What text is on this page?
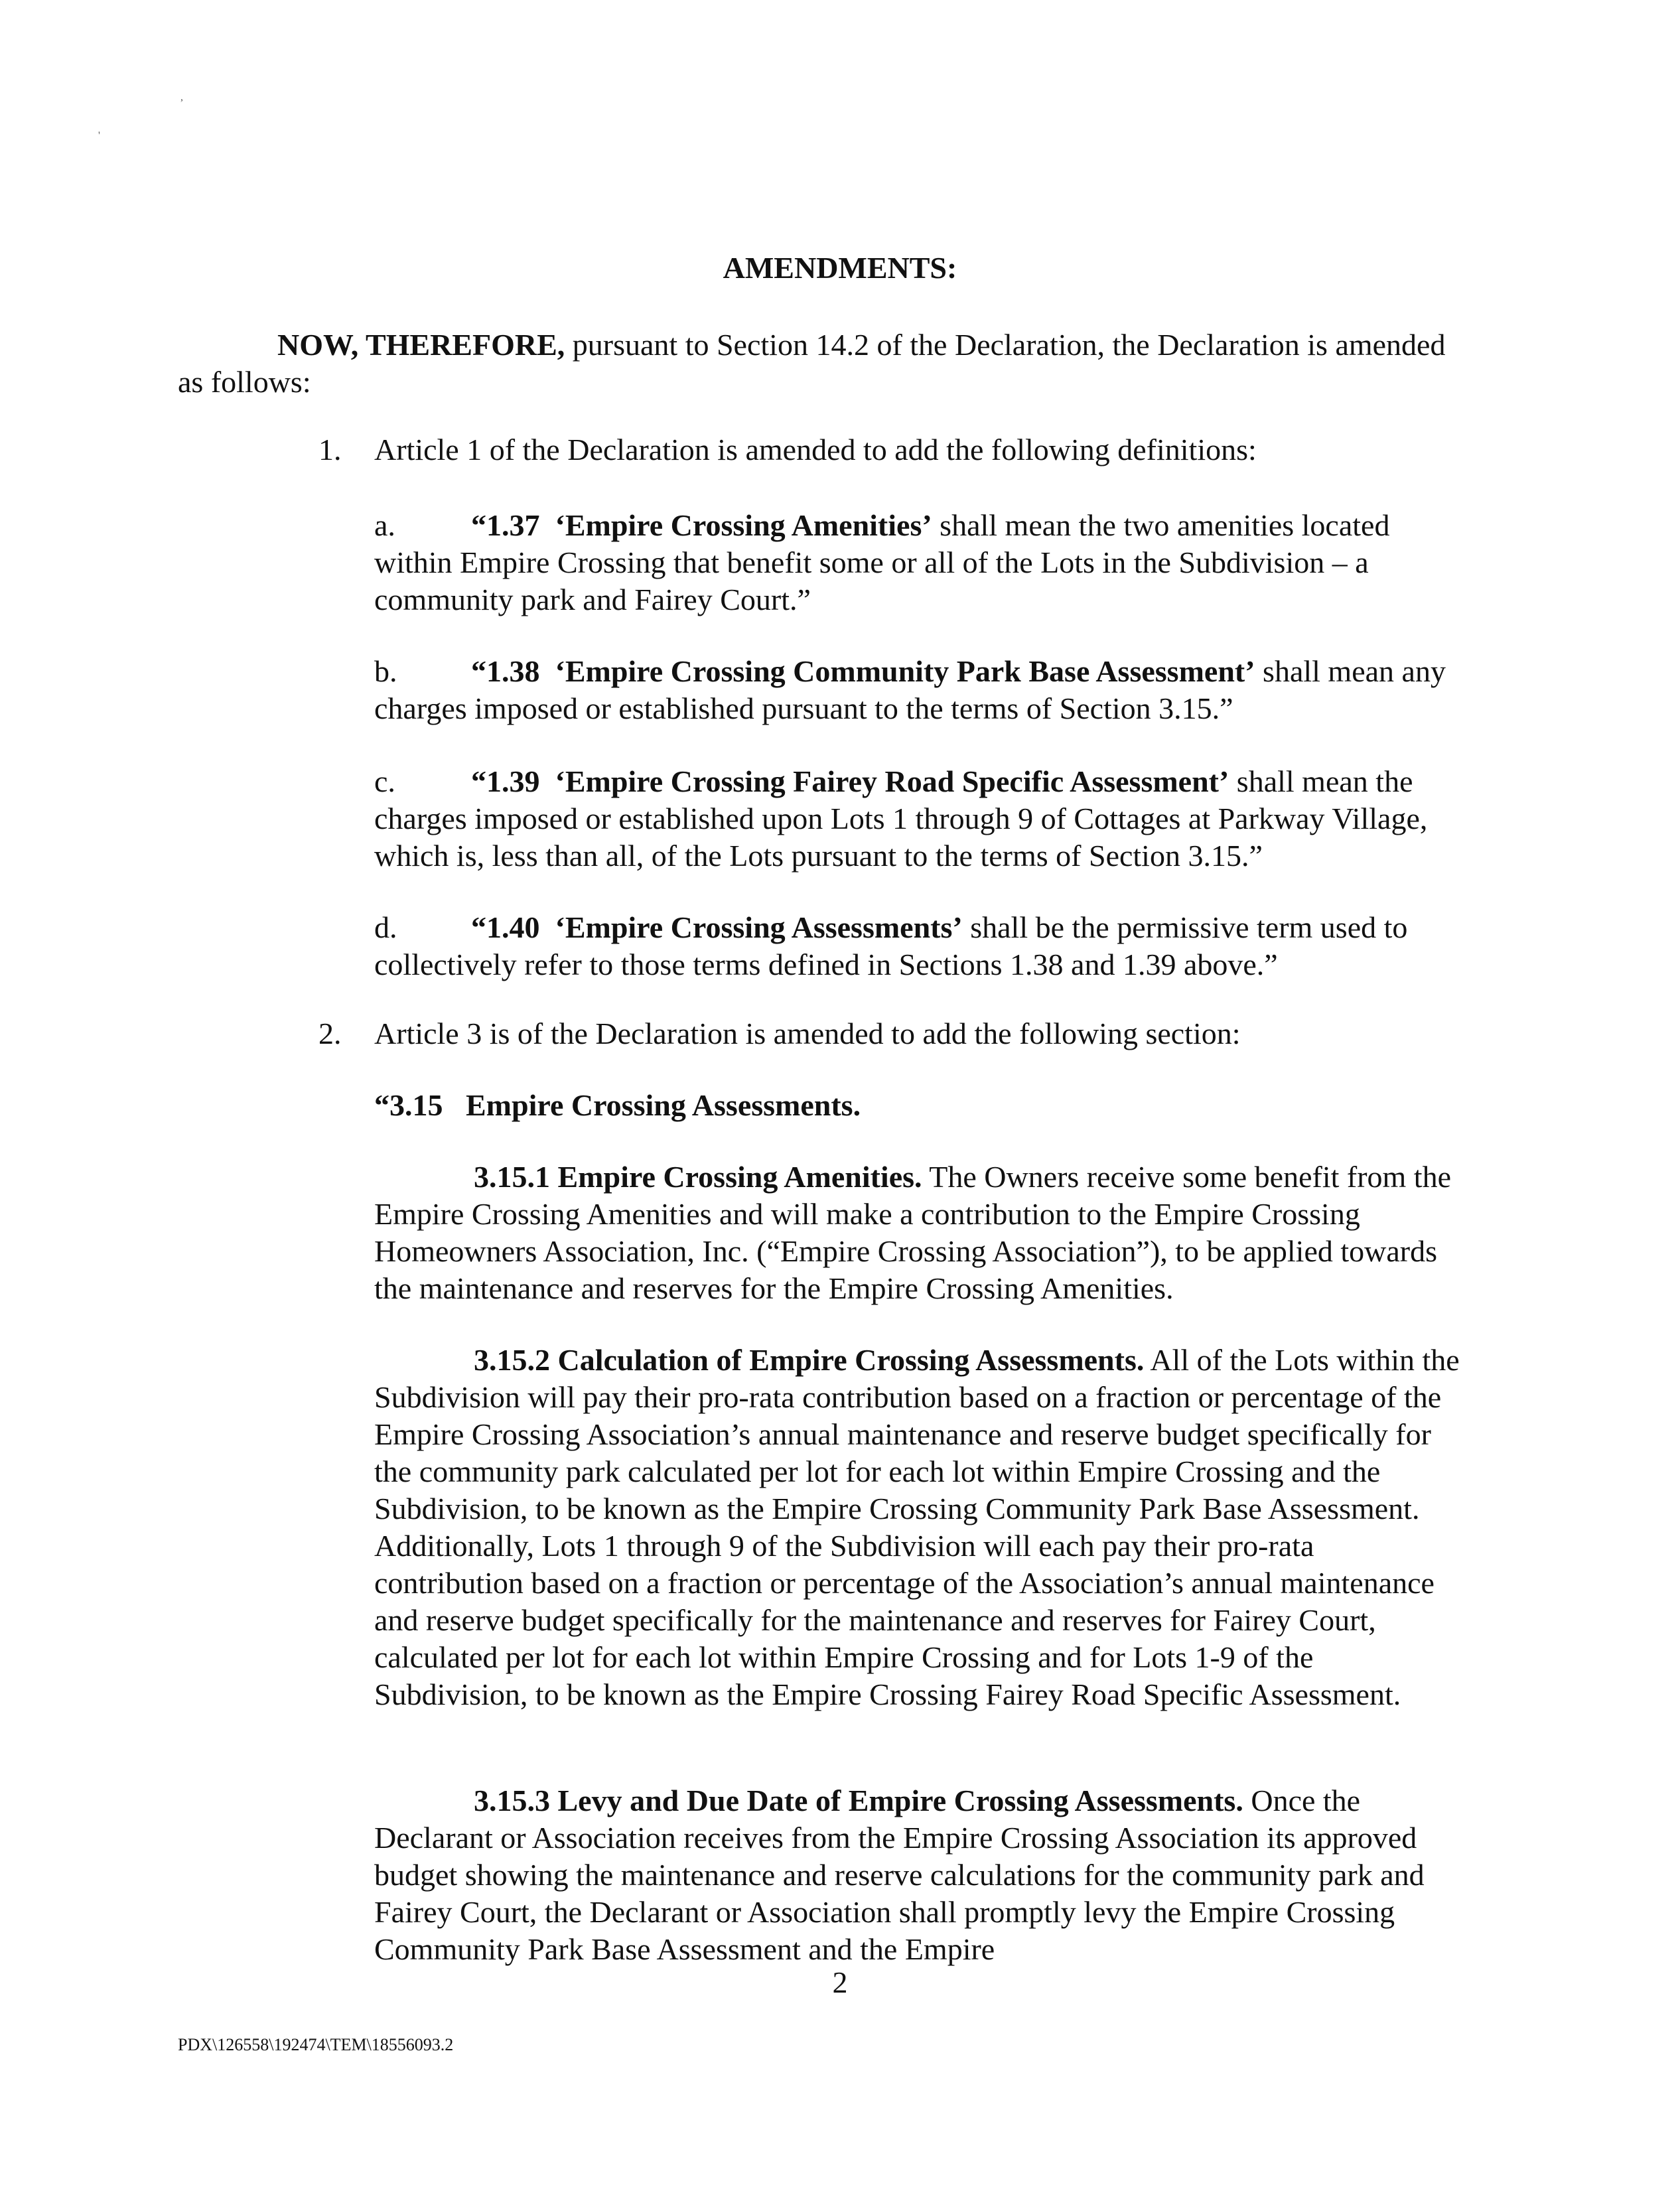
,
'
AMENDMENTS:

NOW, THEREFORE, pursuant to Section 14.2 of the Declaration, the Declaration is amended as follows:

1. Article 1 of the Declaration is amended to add the following definitions:

a. “1.37 ‘Empire Crossing Amenities’ shall mean the two amenities located within Empire Crossing that benefit some or all of the Lots in the Subdivision – a community park and Fairey Court.”

b. “1.38 ‘Empire Crossing Community Park Base Assessment’ shall mean any charges imposed or established pursuant to the terms of Section 3.15.”

c. “1.39 ‘Empire Crossing Fairey Road Specific Assessment’ shall mean the charges imposed or established upon Lots 1 through 9 of Cottages at Parkway Village, which is, less than all, of the Lots pursuant to the terms of Section 3.15.”

d. “1.40 ‘Empire Crossing Assessments’ shall be the permissive term used to collectively refer to those terms defined in Sections 1.38 and 1.39 above.”

2. Article 3 is of the Declaration is amended to add the following section:

“3.15   Empire Crossing Assessments.

3.15.1 Empire Crossing Amenities. The Owners receive some benefit from the Empire Crossing Amenities and will make a contribution to the Empire Crossing Homeowners Association, Inc. (“Empire Crossing Association”), to be applied towards the maintenance and reserves for the Empire Crossing Amenities.

3.15.2 Calculation of Empire Crossing Assessments. All of the Lots within the Subdivision will pay their pro-rata contribution based on a fraction or percentage of the Empire Crossing Association’s annual maintenance and reserve budget specifically for the community park calculated per lot for each lot within Empire Crossing and the Subdivision, to be known as the Empire Crossing Community Park Base Assessment. Additionally, Lots 1 through 9 of the Subdivision will each pay their pro-rata contribution based on a fraction or percentage of the Association’s annual maintenance and reserve budget specifically for the maintenance and reserves for Fairey Court, calculated per lot for each lot within Empire Crossing and for Lots 1-9 of the Subdivision, to be known as the Empire Crossing Fairey Road Specific Assessment.

3.15.3 Levy and Due Date of Empire Crossing Assessments. Once the Declarant or Association receives from the Empire Crossing Association its approved budget showing the maintenance and reserve calculations for the community park and Fairey Court, the Declarant or Association shall promptly levy the Empire Crossing Community Park Base Assessment and the Empire

2
PDX\126558\192474\TEM\18556093.2
